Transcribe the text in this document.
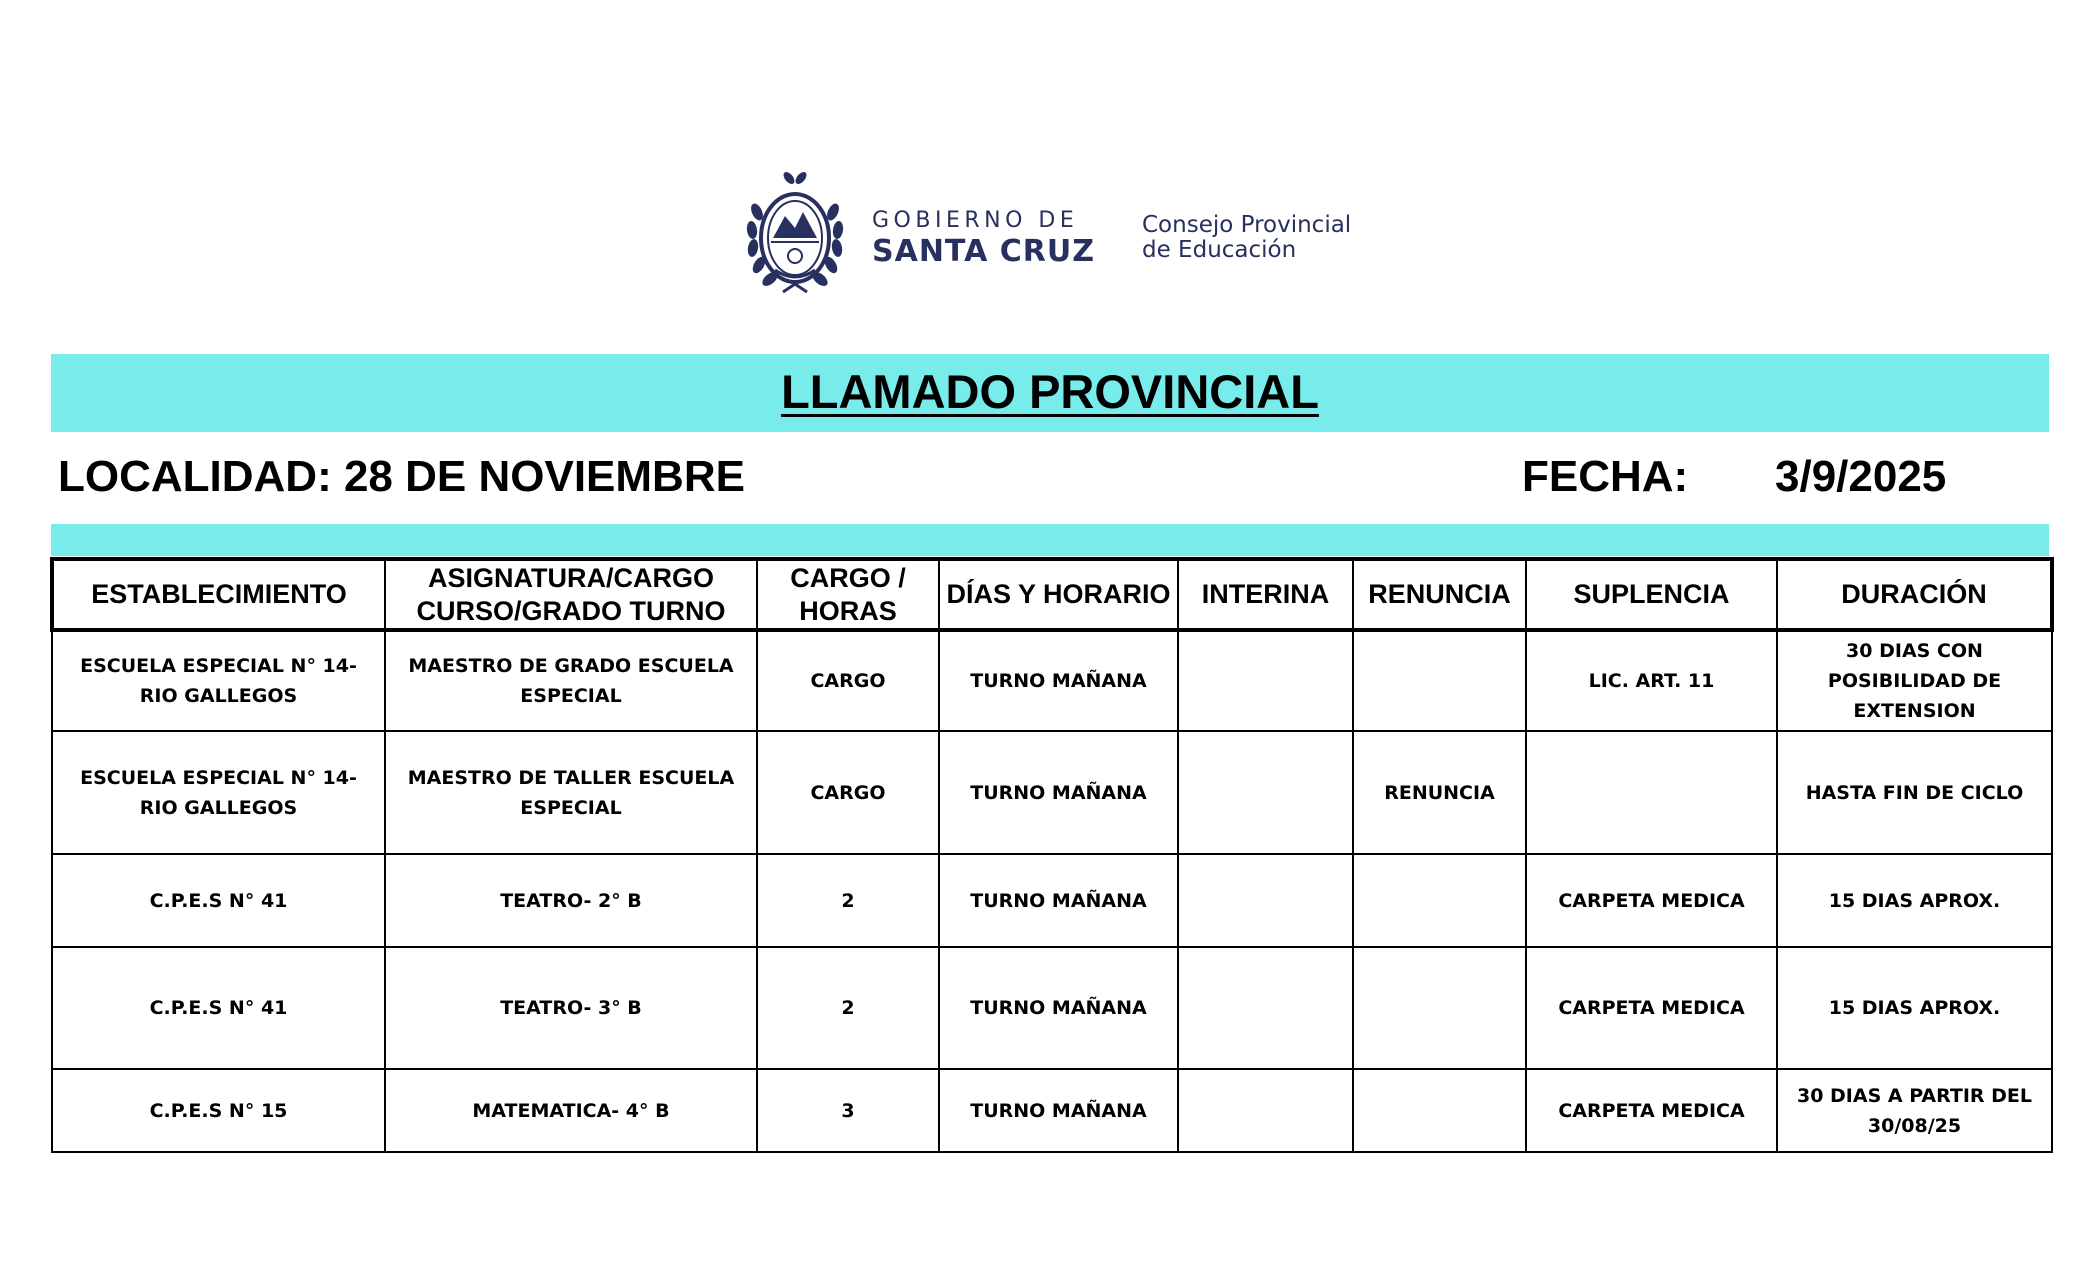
GOBIERNO DE
SANTA CRUZ
Consejo Provincial
de Educación
LLAMADO PROVINCIAL
LOCALIDAD: 28 DE NOVIEMBRE	FECHA: 3/9/2025
ESTABLECIMIENTO	ASIGNATURA/CARGO CURSO/GRADO TURNO	CARGO / HORAS	DÍAS Y HORARIO	INTERINA	RENUNCIA	SUPLENCIA	DURACIÓN
ESCUELA ESPECIAL N° 14- RIO GALLEGOS	MAESTRO DE GRADO ESCUELA ESPECIAL	CARGO	TURNO MAÑANA			LIC. ART. 11	30 DIAS CON POSIBILIDAD DE EXTENSION
ESCUELA ESPECIAL N° 14- RIO GALLEGOS	MAESTRO DE TALLER ESCUELA ESPECIAL	CARGO	TURNO MAÑANA		RENUNCIA		HASTA FIN DE CICLO
C.P.E.S N° 41	TEATRO- 2° B	2	TURNO MAÑANA			CARPETA MEDICA	15 DIAS APROX.
C.P.E.S N° 41	TEATRO- 3° B	2	TURNO MAÑANA			CARPETA MEDICA	15 DIAS APROX.
C.P.E.S N° 15	MATEMATICA- 4° B	3	TURNO MAÑANA			CARPETA MEDICA	30 DIAS A PARTIR DEL 30/08/25
